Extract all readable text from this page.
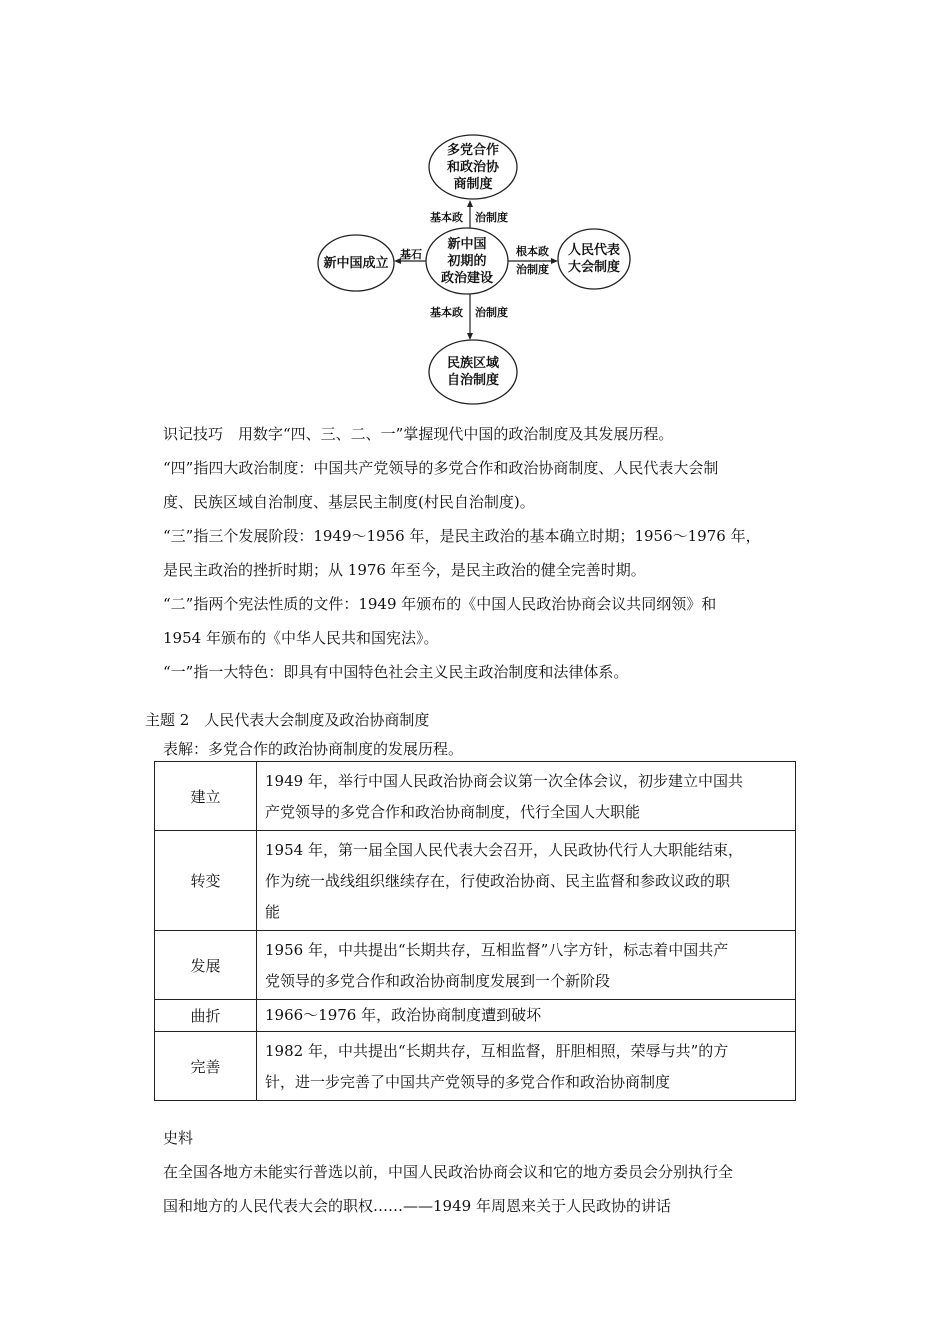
多党合作
和政治协
商制度
新中国
初期的
政治建设
新中国成立
人民代表
大会制度
民族区域
自治制度
基本政 治制度
基石	根本政
治制度
基本政 治制度
识记技巧　用数字“四、三、二、一”掌握现代中国的政治制度及其发展历程。
“四”指四大政治制度：中国共产党领导的多党合作和政治协商制度、人民代表大会制
度、民族区域自治制度、基层民主制度(村民自治制度)。
“三”指三个发展阶段：1949～1956 年，是民主政治的基本确立时期；1956～1976 年，
是民主政治的挫折时期；从 1976 年至今，是民主政治的健全完善时期。
“二”指两个宪法性质的文件：1949 年颁布的《中国人民政治协商会议共同纲领》和
1954 年颁布的《中华人民共和国宪法》。
“一”指一大特色：即具有中国特色社会主义民主政治制度和法律体系。
主题 2　人民代表大会制度及政治协商制度
表解：多党合作的政治协商制度的发展历程。
建立	1949 年，举行中国人民政治协商会议第一次全体会议，初步建立中国共
产党领导的多党合作和政治协商制度，代行全国人大职能

转变	1954 年，第一届全国人民代表大会召开，人民政协代行人大职能结束，
作为统一战线组织继续存在，行使政治协商、民主监督和参政议政的职
能

发展	1956 年，中共提出“长期共存，互相监督”八字方针，标志着中国共产
党领导的多党合作和政治协商制度发展到一个新阶段

曲折	1966～1976 年，政治协商制度遭到破坏

完善	1982 年，中共提出“长期共存，互相监督，肝胆相照，荣辱与共”的方
针，进一步完善了中国共产党领导的多党合作和政治协商制度
史料
在全国各地方未能实行普选以前，中国人民政治协商会议和它的地方委员会分别执行全
国和地方的人民代表大会的职权……——1949 年周恩来关于人民政协的讲话
